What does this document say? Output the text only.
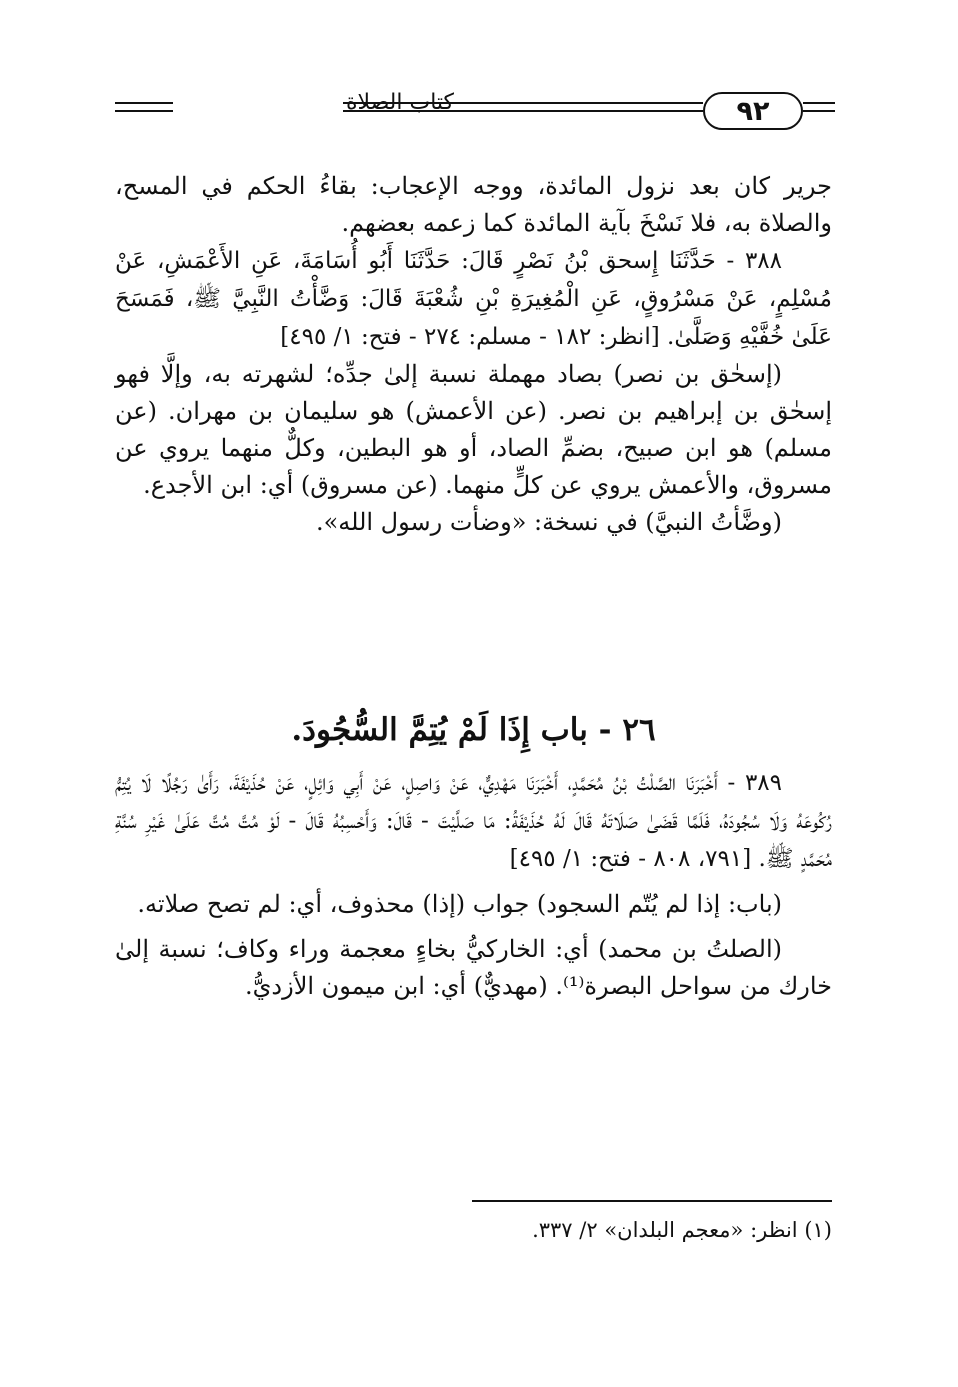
كتاب الصلاة	٩٢

جرير كان بعد نزول المائدة، ووجه الإعجاب: بقاءُ الحكم في المسح، والصلاة به، فلا نَسْخَ بآية المائدة كما زعمه بعضهم.

٣٨٨ - حَدَّثَنَا إِسحق بْنُ نَصْرٍ قَالَ: حَدَّثَنَا أَبُو أُسَامَةَ، عَنِ الأَعْمَشِ، عَنْ مُسْلِمٍ، عَنْ مَسْرُوقٍ، عَنِ الْمُغِيرَةِ بْنِ شُعْبَةَ قَالَ: وَضَّأْتُ النَّبِيَّ ﷺ، فَمَسَحَ عَلَىٰ خُفَّيْهِ وَصَلَّىٰ. [انظر: ١٨٢ - مسلم: ٢٧٤ - فتح: ١/ ٤٩٥]

(إسحٰق بن نصر) بصاد مهملة نسبة إلىٰ جدِّه؛ لشهرته به، وإلَّا فهو إسحٰق بن إبراهيم بن نصر. (عن الأعمش) هو سليمان بن مهران. (عن مسلم) هو ابن صبيح، بضمِّ الصاد، أو هو البطين، وكلٌّ منهما يروي عن مسروق، والأعمش يروي عن كلٍّ منهما. (عن مسروق) أي: ابن الأجدع.

(وضَّأتُ النبيَّ) في نسخة: «وضأت رسول الله».

٢٦ - باب إِذَا لَمْ يُتِمَّ السُّجُودَ.

٣٨٩ - أَخْبَرَنَا الصَّلْتُ بْنُ مُحَمَّدٍ، أَخْبَرَنَا مَهْدِيٌّ، عَنْ وَاصِلٍ، عَنْ أَبِي وَائِلٍ، عَنْ حُذَيْفَةَ، رَأَىٰ رَجُلًا لَا يُتِمُّ رُكُوعَهُ وَلَا سُجُودَهُ، فَلَمَّا قَضَىٰ صَلَاتَهُ قَالَ لَهُ حُذَيْفَةُ: مَا صَلَّيْتَ - قَالَ: وَأَحْسِبُهُ قَالَ - لَوْ مُتَّ مُتَّ عَلَىٰ غَيْرِ سُنَّةِ مُحَمَّدٍ ﷺ. [٧٩١، ٨٠٨ - فتح: ١/ ٤٩٥]

(باب: إذا لم يُتّم السجود) جواب (إذا) محذوف، أي: لم تصح صلاته.

(الصلتُ بن محمد) أي: الخاركيُّ بخاءٍ معجمة وراء وكاف؛ نسبة إلىٰ خارك من سواحل البصرة⁽¹⁾. (مهديٌّ) أي: ابن ميمون الأزديُّ.

(١) انظر: «معجم البلدان» ٢/ ٣٣٧.
